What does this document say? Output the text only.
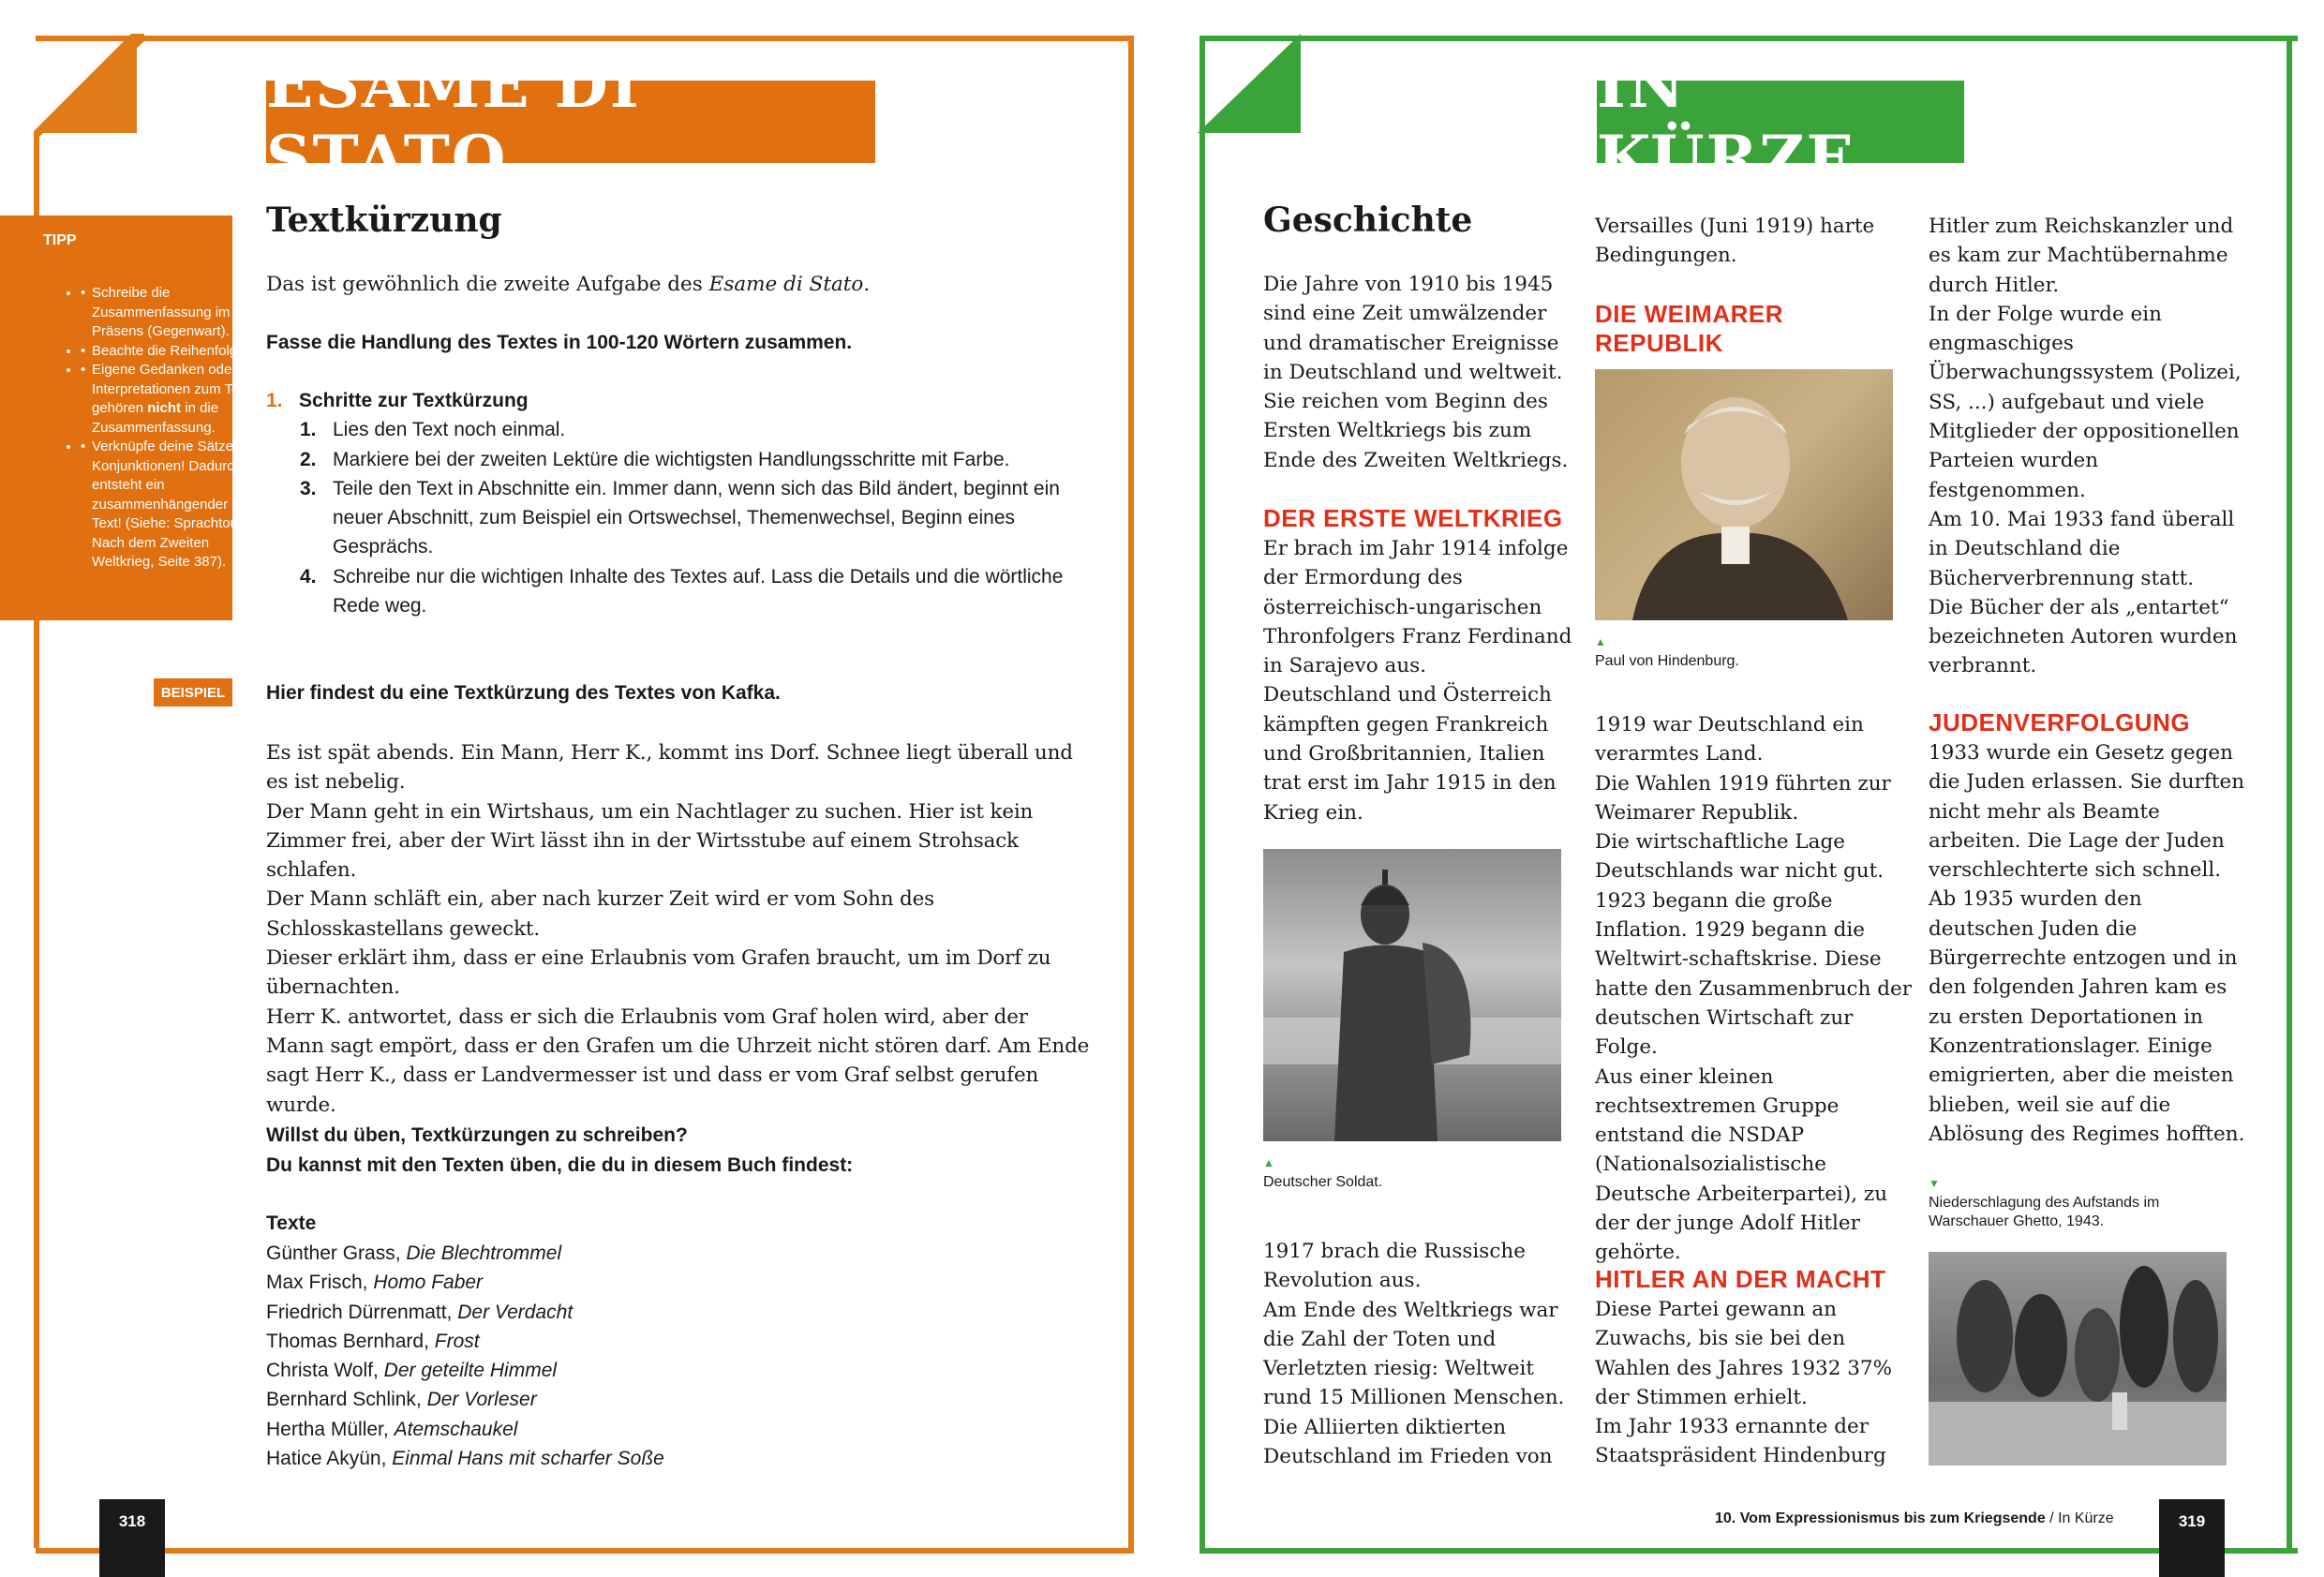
ESAME DI STATO
TIPP
• • Schreibe die Zusammenfassung im Präsens (Gegenwart).
• • Beachte die Reihenfolge.
• • Eigene Gedanken oder Interpretationen zum Text gehören nicht in die Zusammenfassung.
• • Verknüpfe deine Sätze mit Konjunktionen! Dadurch entsteht ein zusammenhängender Text! (Siehe: Sprachtour – Nach dem Zweiten Weltkrieg, Seite 387).
Textkürzung
Das ist gewöhnlich die zweite Aufgabe des Esame di Stato.
Fasse die Handlung des Textes in 100-120 Wörtern zusammen.
1. Schritte zur Textkürzung
1. Lies den Text noch einmal.
2. Markiere bei der zweiten Lektüre die wichtigsten Handlungsschritte mit Farbe.
3. Teile den Text in Abschnitte ein. Immer dann, wenn sich das Bild ändert, beginnt ein neuer Abschnitt, zum Beispiel ein Ortswechsel, Themenwechsel, Beginn eines Gesprächs.
4. Schreibe nur die wichtigen Inhalte des Textes auf. Lass die Details und die wörtliche Rede weg.
BEISPIEL	Hier findest du eine Textkürzung des Textes von Kafka.
Es ist spät abends. Ein Mann, Herr K., kommt ins Dorf. Schnee liegt überall und es ist nebelig.
Der Mann geht in ein Wirtshaus, um ein Nachtlager zu suchen. Hier ist kein Zimmer frei, aber der Wirt lässt ihn in der Wirtsstube auf einem Strohsack schlafen.
Der Mann schläft ein, aber nach kurzer Zeit wird er vom Sohn des Schlosskastellans geweckt.
Dieser erklärt ihm, dass er eine Erlaubnis vom Grafen braucht, um im Dorf zu übernachten.
Herr K. antwortet, dass er sich die Erlaubnis vom Graf holen wird, aber der Mann sagt empört, dass er den Grafen um die Uhrzeit nicht stören darf. Am Ende sagt Herr K., dass er Landvermesser ist und dass er vom Graf selbst gerufen wurde.
Willst du üben, Textkürzungen zu schreiben?
Du kannst mit den Texten üben, die du in diesem Buch findest:
Texte
Günther Grass, Die Blechtrommel
Max Frisch, Homo Faber
Friedrich Dürrenmatt, Der Verdacht
Thomas Bernhard, Frost
Christa Wolf, Der geteilte Himmel
Bernhard Schlink, Der Vorleser
Hertha Müller, Atemschaukel
Hatice Akyün, Einmal Hans mit scharfer Soße
318
IN KÜRZE
Geschichte
Die Jahre von 1910 bis 1945 sind eine Zeit umwälzender und dramatischer Ereignisse in Deutschland und weltweit. Sie reichen vom Beginn des Ersten Weltkriegs bis zum Ende des Zweiten Weltkriegs.
DER ERSTE WELTKRIEG
Er brach im Jahr 1914 infolge der Ermordung des österreichisch-ungarischen Thronfolgers Franz Ferdinand in Sarajevo aus.
Deutschland und Österreich kämpften gegen Frankreich und Großbritannien, Italien trat erst im Jahr 1915 in den Krieg ein.
▲
Deutscher Soldat.
1917 brach die Russische Revolution aus.
Am Ende des Weltkriegs war die Zahl der Toten und Verletzten riesig: Weltweit rund 15 Millionen Menschen. Die Alliierten diktierten Deutschland im Frieden von
Versailles (Juni 1919) harte Bedingungen.
DIE WEIMARER REPUBLIK
▲
Paul von Hindenburg.
1919 war Deutschland ein verarmtes Land.
Die Wahlen 1919 führten zur Weimarer Republik.
Die wirtschaftliche Lage Deutschlands war nicht gut. 1923 begann die große Inflation. 1929 begann die Weltwirt-schaftskrise. Diese hatte den Zusammenbruch der deutschen Wirtschaft zur Folge.
Aus einer kleinen rechtsextremen Gruppe entstand die NSDAP (Nationalsozialistische Deutsche Arbeiterpartei), zu der der junge Adolf Hitler gehörte.
HITLER AN DER MACHT
Diese Partei gewann an Zuwachs, bis sie bei den Wahlen des Jahres 1932 37% der Stimmen erhielt.
Im Jahr 1933 ernannte der Staatspräsident Hindenburg
Hitler zum Reichskanzler und es kam zur Machtübernahme durch Hitler.
In der Folge wurde ein engmaschiges Überwachungssystem (Polizei, SS, ...) aufgebaut und viele Mitglieder der oppositionellen Parteien wurden festgenommen.
Am 10. Mai 1933 fand überall in Deutschland die Bücherverbrennung statt.
Die Bücher der als „entartet“ bezeichneten Autoren wurden verbrannt.
JUDENVERFOLGUNG
1933 wurde ein Gesetz gegen die Juden erlassen. Sie durften nicht mehr als Beamte arbeiten. Die Lage der Juden verschlechterte sich schnell. Ab 1935 wurden den deutschen Juden die Bürgerrechte entzogen und in den folgenden Jahren kam es zu ersten Deportationen in Konzentrationslager. Einige emigrierten, aber die meisten blieben, weil sie auf die Ablösung des Regimes hofften.
▼
Niederschlagung des Aufstands im Warschauer Ghetto, 1943.
10. Vom Expressionismus bis zum Kriegsende / In Kürze	319
